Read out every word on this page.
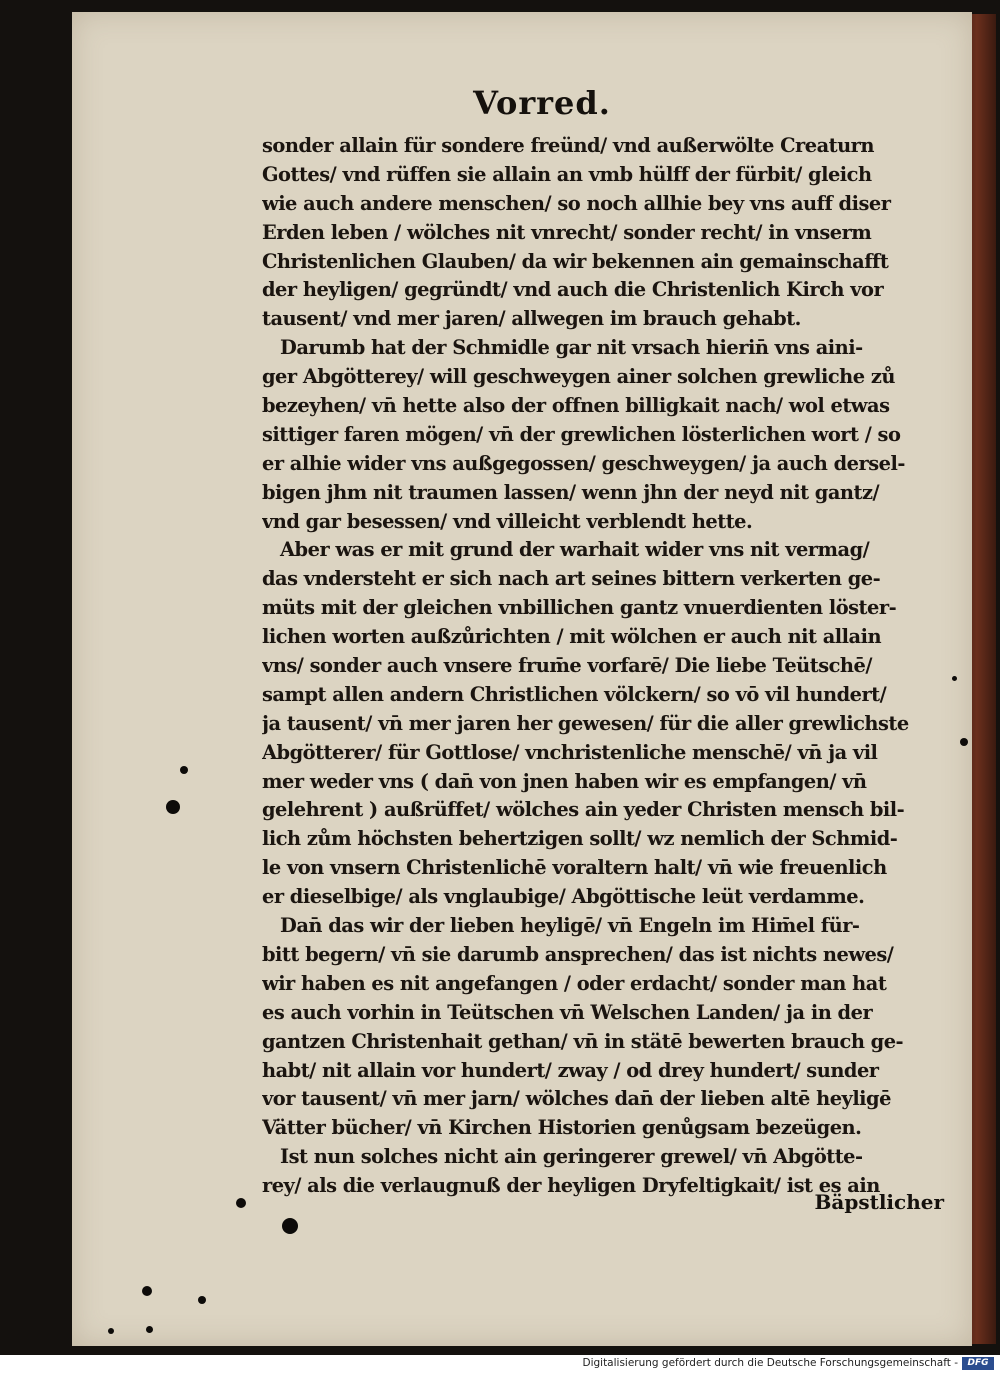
Vorred.
sonder allain für sondere freünd/ vnd außerwölte Creaturn
Gottes/ vnd rüffen sie allain an vmb hülff der fürbit/ gleich
wie auch andere menschen/ so noch allhie bey vns auff diser
Erden leben / wölches nit vnrecht/ sonder recht/ in vnserm
Christenlichen Glauben/ da wir bekennen ain gemainschafft
der heyligen/ gegründt/ vnd auch die Christenlich Kirch vor
tausent/ vnd mer jaren/ allwegen im brauch gehabt.
Darumb hat der Schmidle gar nit vrsach hierin̄ vns aini-
ger Abgötterey/ will geschweygen ainer solchen grewliche zů
bezeyhen/ vn̄ hette also der offnen billigkait nach/ wol etwas
sittiger faren mögen/ vn̄ der grewlichen lösterlichen wort / so
er alhie wider vns außgegossen/ geschweygen/ ja auch dersel-
bigen jhm nit traumen lassen/ wenn jhn der neyd nit gantz/
vnd gar besessen/ vnd villeicht verblendt hette.
Aber was er mit grund der warhait wider vns nit vermag/
das vndersteht er sich nach art seines bittern verkerten ge-
müts mit der gleichen vnbillichen gantz vnuerdienten löster-
lichen worten außzůrichten / mit wölchen er auch nit allain
vns/ sonder auch vnsere frum̄e vorfarē/ Die liebe Teütschē/
sampt allen andern Christlichen völckern/ so vō vil hundert/
ja tausent/ vn̄ mer jaren her gewesen/ für die aller grewlichste
Abgötterer/ für Gottlose/ vnchristenliche menschē/ vn̄ ja vil
mer weder vns ( dan̄ von jnen haben wir es empfangen/ vn̄
gelehrent ) außrüffet/ wölches ain yeder Christen mensch bil-
lich zům höchsten behertzigen sollt/ wz nemlich der Schmid-
le von vnsern Christenlichē voraltern halt/ vn̄ wie freuenlich
er dieselbige/ als vnglaubige/ Abgöttische leüt verdamme.
Dan̄ das wir der lieben heyligē/ vn̄ Engeln im Him̄el für-
bitt begern/ vn̄ sie darumb ansprechen/ das ist nichts newes/
wir haben es nit angefangen / oder erdacht/ sonder man hat
es auch vorhin in Teütschen vn̄ Welschen Landen/ ja in der
gantzen Christenhait gethan/ vn̄ in stätē bewerten brauch ge-
habt/ nit allain vor hundert/ zway / od drey hundert/ sunder
vor tausent/ vn̄ mer jarn/ wölches dan̄ der lieben altē heyligē
Vätter bücher/ vn̄ Kirchen Historien genůgsam bezeügen.
Ist nun solches nicht ain geringerer grewel/ vn̄ Abgötte-
rey/ als die verlaugnuß der heyligen Dryfeltigkait/ ist es ain
Bäpstlicher
Digitalisierung gefördert durch die Deutsche Forschungsgemeinschaft -	DFG
